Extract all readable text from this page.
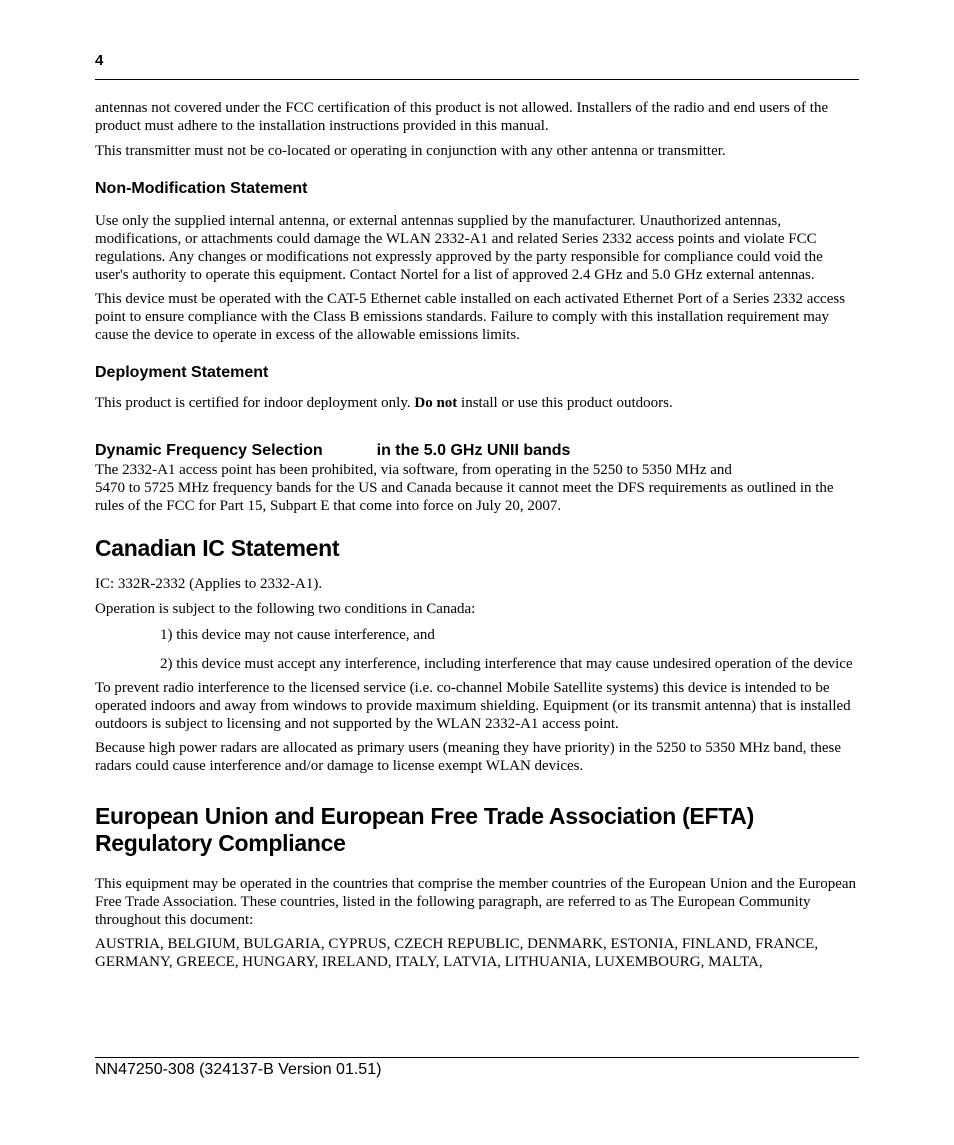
4

antennas not covered under the FCC certification of this product is not allowed. Installers of the radio and end users of the product must adhere to the installation instructions provided in this manual.

This transmitter must not be co-located or operating in conjunction with any other antenna or transmitter.

Non-Modification Statement

Use only the supplied internal antenna, or external antennas supplied by the manufacturer. Unauthorized antennas, modifications, or attachments could damage the WLAN 2332-A1 and related Series 2332 access points and violate FCC regulations. Any changes or modifications not expressly approved by the party responsible for compliance could void the user's authority to operate this equipment. Contact Nortel for a list of approved 2.4 GHz and 5.0 GHz external antennas.

This device must be operated with the CAT-5 Ethernet cable installed on each activated Ethernet Port of a Series 2332 access point to ensure compliance with the Class B emissions standards. Failure to comply with this installation requirement may cause the device to operate in excess of the allowable emissions limits.

Deployment Statement

This product is certified for indoor deployment only. Do not install or use this product outdoors.

Dynamic Frequency Selection	in the 5.0 GHz UNII bands

The 2332-A1 access point has been prohibited, via software, from operating in the 5250 to 5350 MHz and
5470 to 5725 MHz frequency bands for the US and Canada because it cannot meet the DFS requirements as outlined in the rules of the FCC for Part 15, Subpart E that come into force on July 20, 2007.

Canadian IC Statement

IC: 332R-2332 (Applies to 2332-A1).

Operation is subject to the following two conditions in Canada:

1) this device may not cause interference, and

2) this device must accept any interference, including interference that may cause undesired operation of the device

To prevent radio interference to the licensed service (i.e. co-channel Mobile Satellite systems) this device is intended to be operated indoors and away from windows to provide maximum shielding. Equipment (or its transmit antenna) that is installed outdoors is subject to licensing and not supported by the WLAN 2332-A1 access point.

Because high power radars are allocated as primary users (meaning they have priority) in the 5250 to 5350 MHz band, these radars could cause interference and/or damage to license exempt WLAN devices.

European Union and European Free Trade Association (EFTA)
Regulatory Compliance

This equipment may be operated in the countries that comprise the member countries of the European Union and the European Free Trade Association. These countries, listed in the following paragraph, are referred to as The European Community throughout this document:

AUSTRIA, BELGIUM, BULGARIA, CYPRUS, CZECH REPUBLIC, DENMARK, ESTONIA, FINLAND, FRANCE, GERMANY, GREECE, HUNGARY, IRELAND, ITALY, LATVIA, LITHUANIA, LUXEMBOURG, MALTA,

NN47250-308 (324137-B Version 01.51)
